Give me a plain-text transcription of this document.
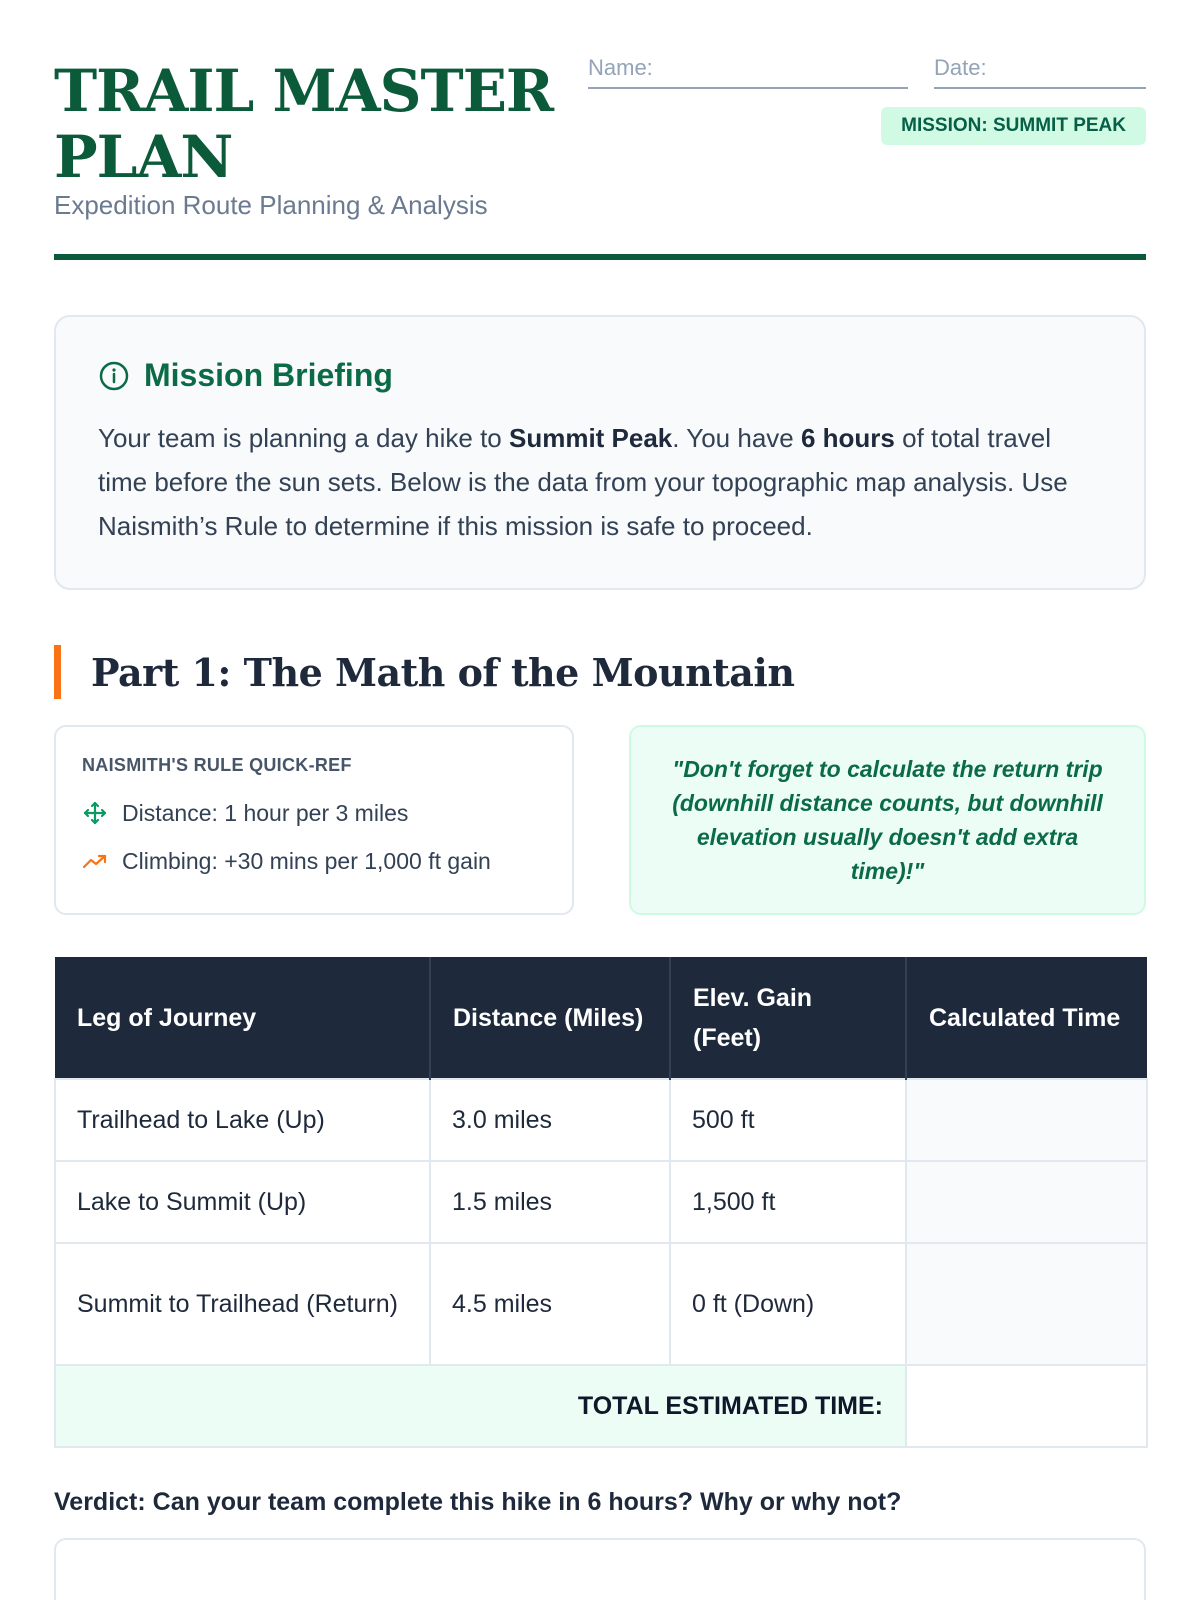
TRAIL MASTER PLAN
Expedition Route Planning & Analysis
Name:	Date:
MISSION: SUMMIT PEAK
Mission Briefing
Your team is planning a day hike to Summit Peak. You have 6 hours of total travel time before the sun sets. Below is the data from your topographic map analysis. Use Naismith’s Rule to determine if this mission is safe to proceed.
Part 1: The Math of the Mountain
NAISMITH'S RULE QUICK-REF
Distance: 1 hour per 3 miles
Climbing: +30 mins per 1,000 ft gain
"Don't forget to calculate the return trip (downhill distance counts, but downhill elevation usually doesn't add extra time)!"
Leg of Journey	Distance (Miles)	Elev. Gain (Feet)	Calculated Time
Trailhead to Lake (Up)	3.0 miles	500 ft	
Lake to Summit (Up)	1.5 miles	1,500 ft	
Summit to Trailhead (Return)	4.5 miles	0 ft (Down)	
TOTAL ESTIMATED TIME:			
Verdict: Can your team complete this hike in 6 hours? Why or why not?
